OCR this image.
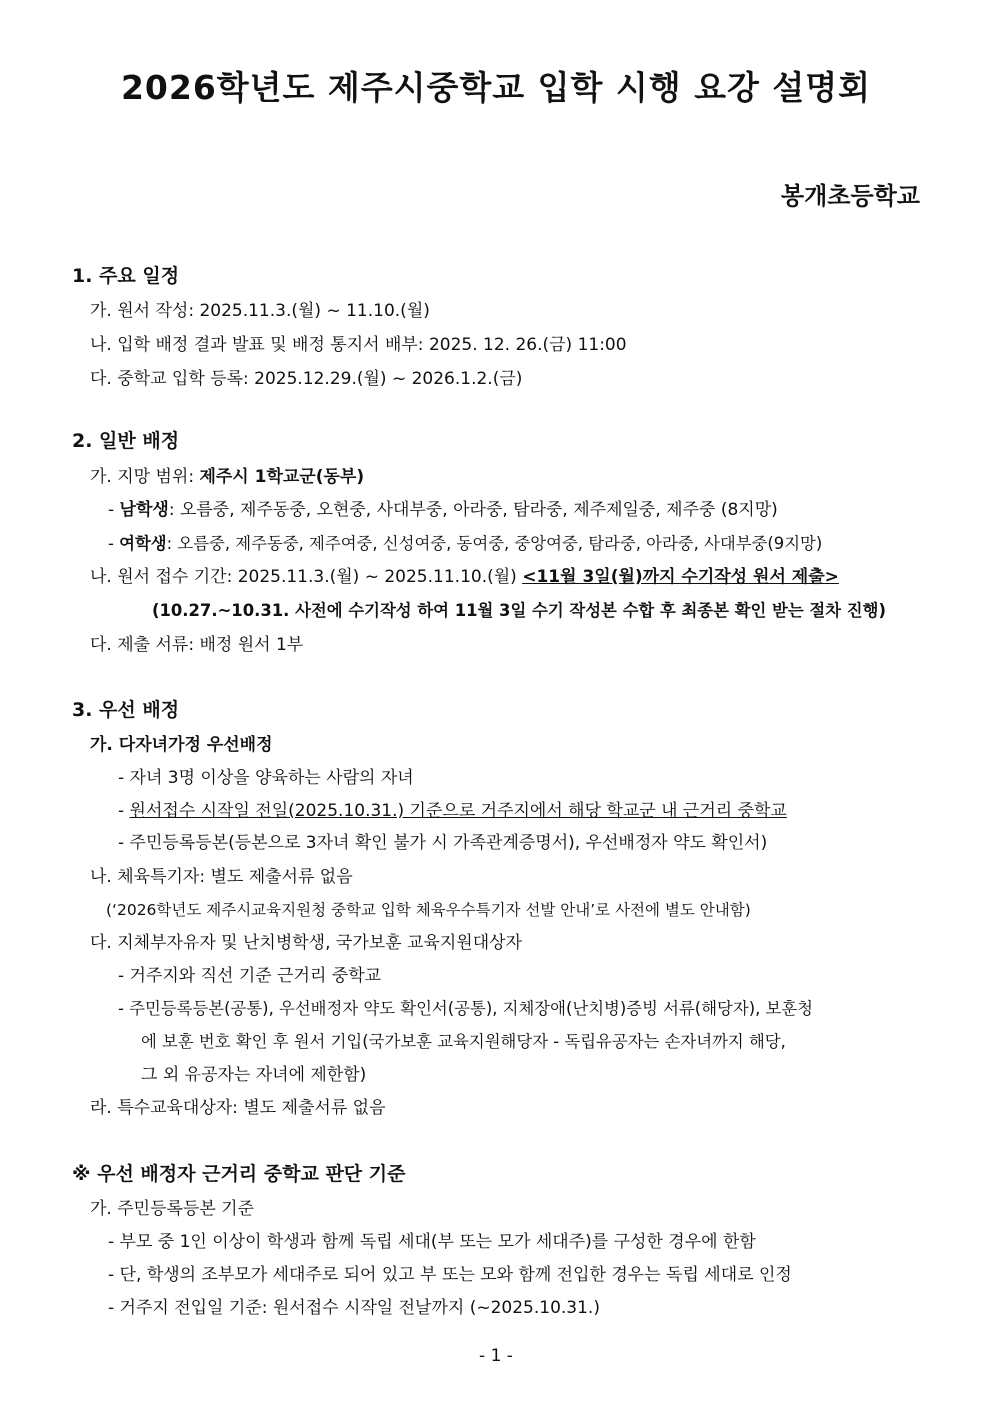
2026학년도 제주시중학교 입학 시행 요강 설명회
봉개초등학교
1. 주요 일정
가. 원서 작성: 2025.11.3.(월) ~ 11.10.(월)
나. 입학 배정 결과 발표 및 배정 통지서 배부: 2025. 12. 26.(금) 11:00
다. 중학교 입학 등록: 2025.12.29.(월) ~ 2026.1.2.(금)
2. 일반 배정
가. 지망 범위: 제주시 1학교군(동부)
- 남학생: 오름중, 제주동중, 오현중, 사대부중, 아라중, 탐라중, 제주제일중, 제주중 (8지망)
- 여학생: 오름중, 제주동중, 제주여중, 신성여중, 동여중, 중앙여중, 탐라중, 아라중, 사대부중(9지망)
나. 원서 접수 기간: 2025.11.3.(월) ~ 2025.11.10.(월) <11월 3일(월)까지 수기작성 원서 제출>
(10.27.~10.31. 사전에 수기작성 하여 11월 3일 수기 작성본 수합 후 최종본 확인 받는 절차 진행)
다. 제출 서류: 배정 원서 1부
3. 우선 배정
가. 다자녀가정 우선배정
- 자녀 3명 이상을 양육하는 사람의 자녀
- 원서접수 시작일 전일(2025.10.31.) 기준으로 거주지에서 해당 학교군 내 근거리 중학교
- 주민등록등본(등본으로 3자녀 확인 불가 시 가족관계증명서), 우선배정자 약도 확인서)
나. 체육특기자: 별도 제출서류 없음
(‘2026학년도 제주시교육지원청 중학교 입학 체육우수특기자 선발 안내’로 사전에 별도 안내함)
다. 지체부자유자 및 난치병학생, 국가보훈 교육지원대상자
- 거주지와 직선 기준 근거리 중학교
- 주민등록등본(공통), 우선배정자 약도 확인서(공통), 지체장애(난치병)증빙 서류(해당자), 보훈청
에 보훈 번호 확인 후 원서 기입(국가보훈 교육지원해당자 - 독립유공자는 손자녀까지 해당,
그 외 유공자는 자녀에 제한함)
라. 특수교육대상자: 별도 제출서류 없음
※ 우선 배정자 근거리 중학교 판단 기준
가. 주민등록등본 기준
- 부모 중 1인 이상이 학생과 함께 독립 세대(부 또는 모가 세대주)를 구성한 경우에 한함
- 단, 학생의 조부모가 세대주로 되어 있고 부 또는 모와 함께 전입한 경우는 독립 세대로 인정
- 거주지 전입일 기준: 원서접수 시작일 전날까지 (~2025.10.31.)
- 1 -
